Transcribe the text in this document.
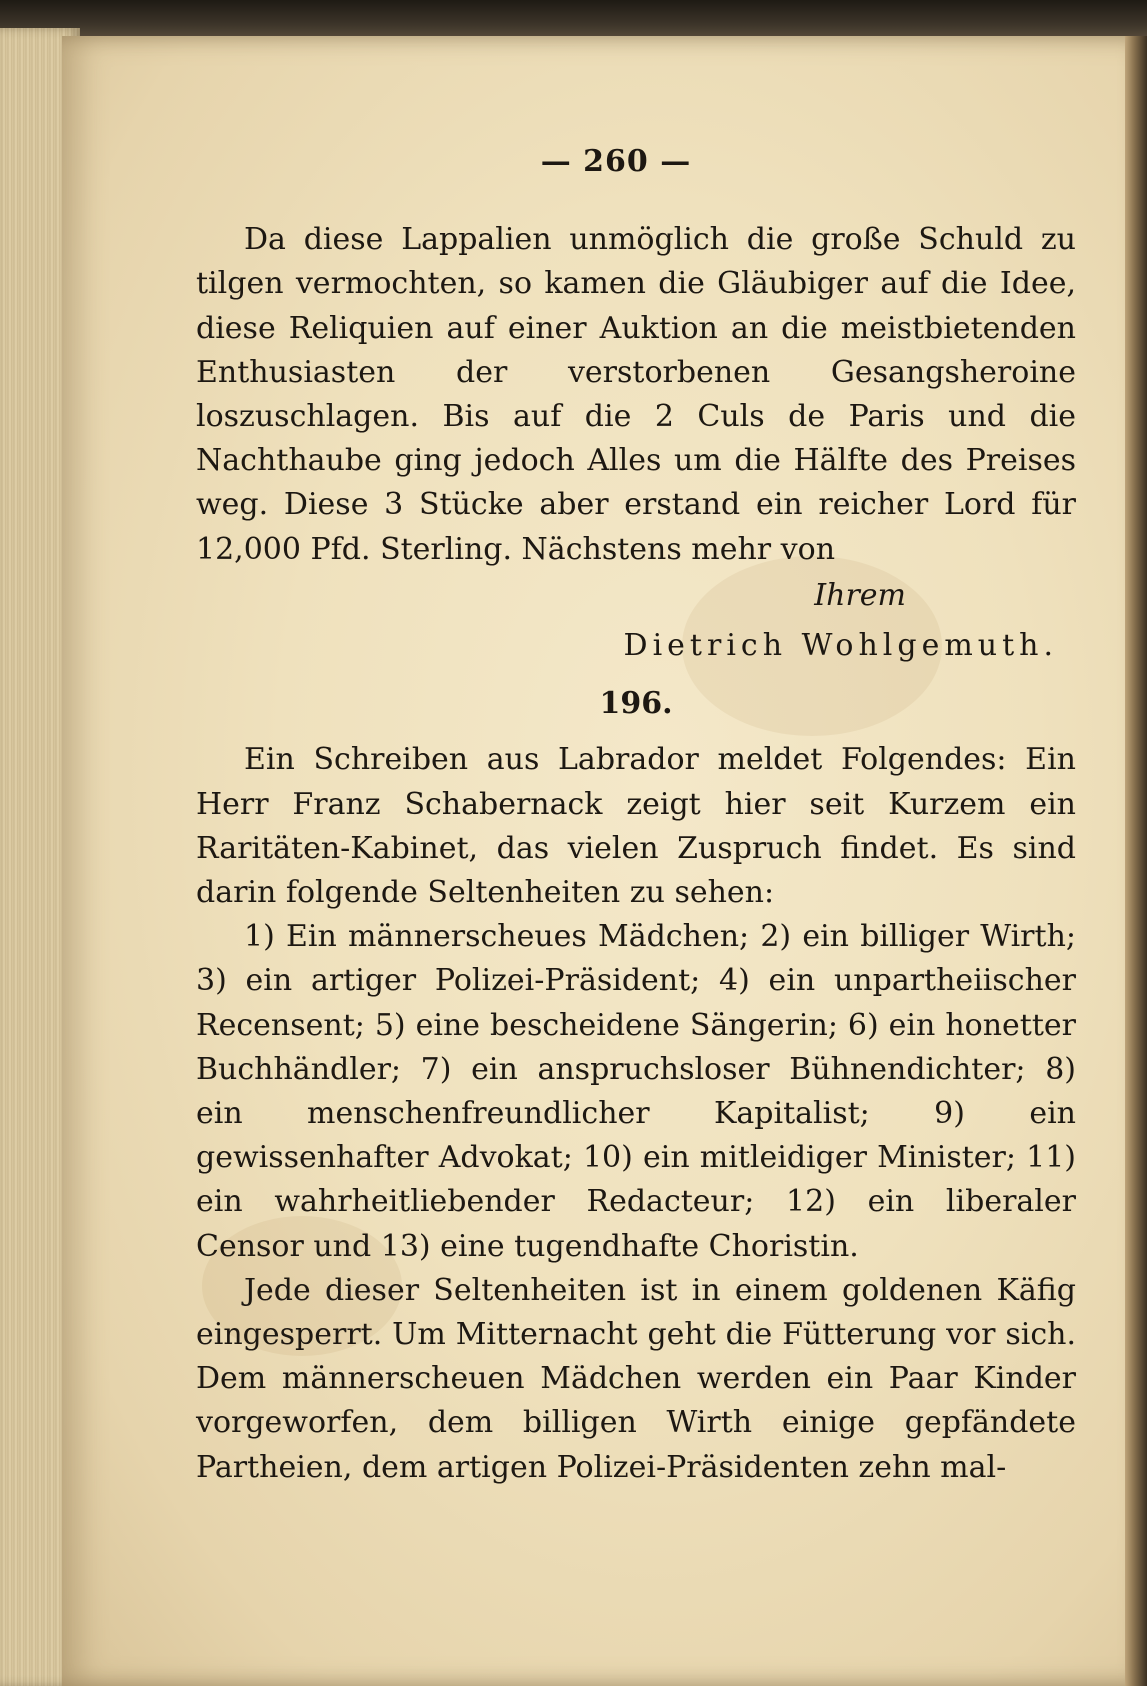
— 260 —

Da diese Lappalien unmöglich die große Schuld zu tilgen vermochten, so kamen die Gläubiger auf die Idee, diese Reliquien auf einer Auktion an die meistbietenden Enthusiasten der verstorbenen Gesangsheroine loszuschlagen. Bis auf die 2 Culs de Paris und die Nachthaube ging jedoch Alles um die Hälfte des Preises weg. Diese 3 Stücke aber erstand ein reicher Lord für 12,000 Pfd. Sterling. Nächstens mehr von

Ihrem
Dietrich Wohlgemuth.
196.

Ein Schreiben aus Labrador meldet Folgendes: Ein Herr Franz Schabernack zeigt hier seit Kurzem ein Raritäten-Kabinet, das vielen Zuspruch findet. Es sind darin folgende Seltenheiten zu sehen:

1) Ein männerscheues Mädchen; 2) ein billiger Wirth; 3) ein artiger Polizei-Präsident; 4) ein unpartheiischer Recensent; 5) eine bescheidene Sängerin; 6) ein honetter Buchhändler; 7) ein anspruchsloser Bühnendichter; 8) ein menschenfreundlicher Kapitalist; 9) ein gewissenhafter Advokat; 10) ein mitleidiger Minister; 11) ein wahrheitliebender Redacteur; 12) ein liberaler Censor und 13) eine tugendhafte Choristin.

Jede dieser Seltenheiten ist in einem goldenen Käfig eingesperrt. Um Mitternacht geht die Fütterung vor sich. Dem männerscheuen Mädchen werden ein Paar Kinder vorgeworfen, dem billigen Wirth einige gepfändete Partheien, dem artigen Polizei-Präsidenten zehn mal-
